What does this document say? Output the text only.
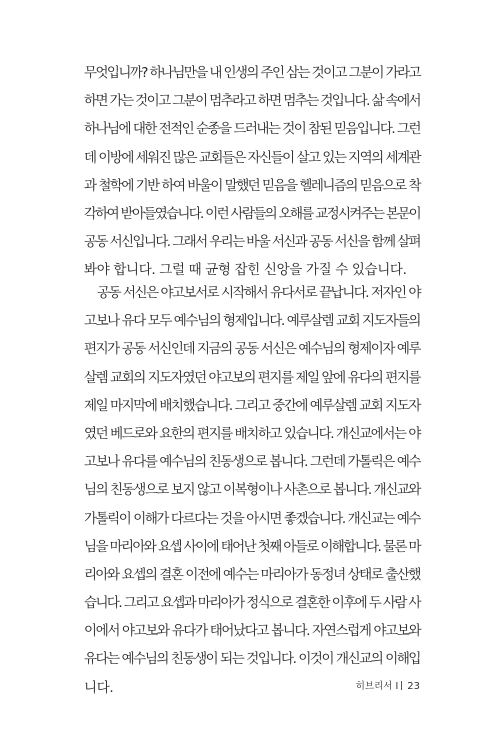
무엇입니까? 하나님만을 내 인생의 주인 삼는 것이고 그분이 가라고
하면 가는 것이고 그분이 멈추라고 하면 멈추는 것입니다. 삶 속에서
하나님에 대한 전적인 순종을 드러내는 것이 참된 믿음입니다. 그런
데 이방에 세워진 많은 교회들은 자신들이 살고 있는 지역의 세계관
과 철학에 기반 하여 바울이 말했던 믿음을 헬레니즘의 믿음으로 착
각하여 받아들였습니다. 이런 사람들의 오해를 교정시켜주는 본문이
공동 서신입니다. 그래서 우리는 바울 서신과 공동 서신을 함께 살펴
봐야 합니다. 그럴 때 균형 잡힌 신앙을 가질 수 있습니다.
공동 서신은 야고보서로 시작해서 유다서로 끝납니다. 저자인 야
고보나 유다 모두 예수님의 형제입니다. 예루살렘 교회 지도자들의
편지가 공동 서신인데 지금의 공동 서신은 예수님의 형제이자 예루
살렘 교회의 지도자였던 야고보의 편지를 제일 앞에 유다의 편지를
제일 마지막에 배치했습니다. 그리고 중간에 예루살렘 교회 지도자
였던 베드로와 요한의 편지를 배치하고 있습니다. 개신교에서는 야
고보나 유다를 예수님의 친동생으로 봅니다. 그런데 가톨릭은 예수
님의 친동생으로 보지 않고 이복형이나 사촌으로 봅니다. 개신교와
가톨릭이 이해가 다르다는 것을 아시면 좋겠습니다. 개신교는 예수
님을 마리아와 요셉 사이에 태어난 첫째 아들로 이해합니다. 물론 마
리아와 요셉의 결혼 이전에 예수는 마리아가 동정녀 상태로 출산했
습니다. 그리고 요셉과 마리아가 정식으로 결혼한 이후에 두 사람 사
이에서 야고보와 유다가 태어났다고 봅니다. 자연스럽게 야고보와
유다는 예수님의 친동생이 되는 것입니다. 이것이 개신교의 이해입
니다.	히브리서 I 23
